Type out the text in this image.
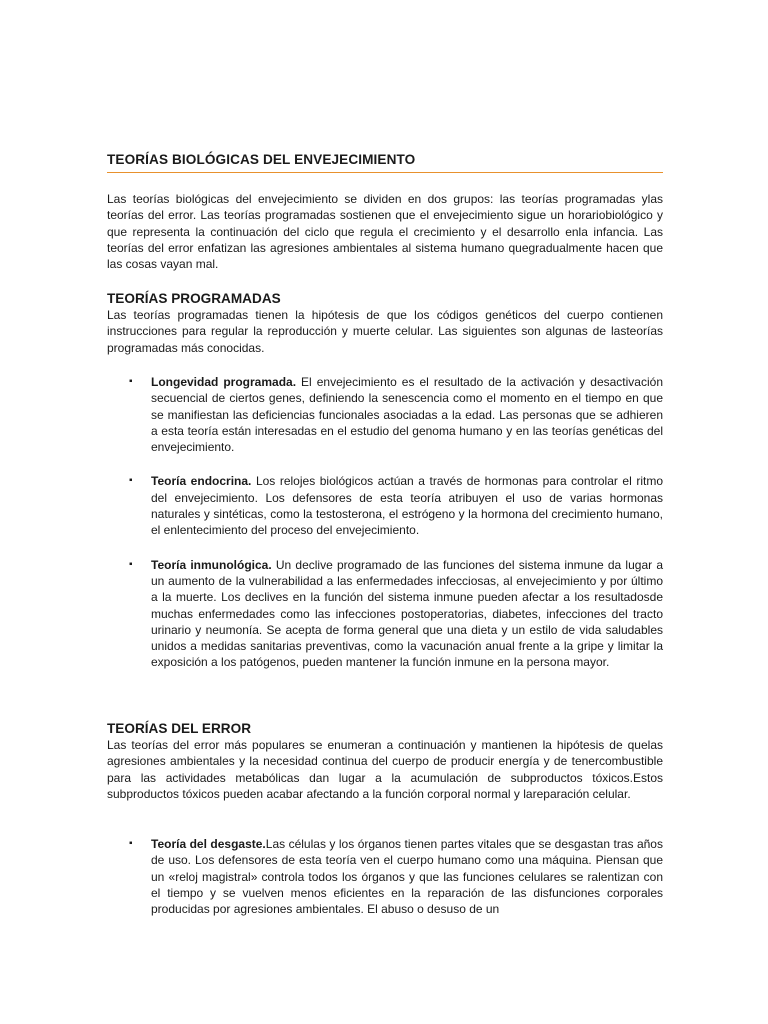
TEORÍAS BIOLÓGICAS DEL ENVEJECIMIENTO

Las teorías biológicas del envejecimiento se dividen en dos grupos: las teorías programadas ylas teorías del error. Las teorías programadas sostienen que el envejecimiento sigue un horariobiológico y que representa la continuación del ciclo que regula el crecimiento y el desarrollo enla infancia. Las teorías del error enfatizan las agresiones ambientales al sistema humano quegradualmente hacen que las cosas vayan mal.

TEORÍAS PROGRAMADAS

Las teorías programadas tienen la hipótesis de que los códigos genéticos del cuerpo contienen instrucciones para regular la reproducción y muerte celular. Las siguientes son algunas de lasteorías programadas más conocidas.

▪ Longevidad programada. El envejecimiento es el resultado de la activación y desactivación secuencial de ciertos genes, definiendo la senescencia como el momento en el tiempo en que se manifiestan las deficiencias funcionales asociadas a la edad. Las personas que se adhieren a esta teoría están interesadas en el estudio del genoma humano y en las teorías genéticas del envejecimiento.
▪ Teoría endocrina. Los relojes biológicos actúan a través de hormonas para controlar el ritmo del envejecimiento. Los defensores de esta teoría atribuyen el uso de varias hormonas naturales y sintéticas, como la testosterona, el estrógeno y la hormona del crecimiento humano, el enlentecimiento del proceso del envejecimiento.
▪ Teoría inmunológica. Un declive programado de las funciones del sistema inmune da lugar a un aumento de la vulnerabilidad a las enfermedades infecciosas, al envejecimiento y por último a la muerte. Los declives en la función del sistema inmune pueden afectar a los resultadosde muchas enfermedades como las infecciones postoperatorias, diabetes, infecciones del tracto urinario y neumonía. Se acepta de forma general que una dieta y un estilo de vida saludables unidos a medidas sanitarias preventivas, como la vacunación anual frente a la gripe y limitar la exposición a los patógenos, pueden mantener la función inmune en la persona mayor.
TEORÍAS DEL ERROR

Las teorías del error más populares se enumeran a continuación y mantienen la hipótesis de quelas agresiones ambientales y la necesidad continua del cuerpo de producir energía y de tenercombustible para las actividades metabólicas dan lugar a la acumulación de subproductos tóxicos.Estos subproductos tóxicos pueden acabar afectando a la función corporal normal y lareparación celular.

▪ Teoría del desgaste.Las células y los órganos tienen partes vitales que se desgastan tras años de uso. Los defensores de esta teoría ven el cuerpo humano como una máquina. Piensan que un «reloj magistral» controla todos los órganos y que las funciones celulares se ralentizan con el tiempo y se vuelven menos eficientes en la reparación de las disfunciones corporales producidas por agresiones ambientales. El abuso o desuso de un
